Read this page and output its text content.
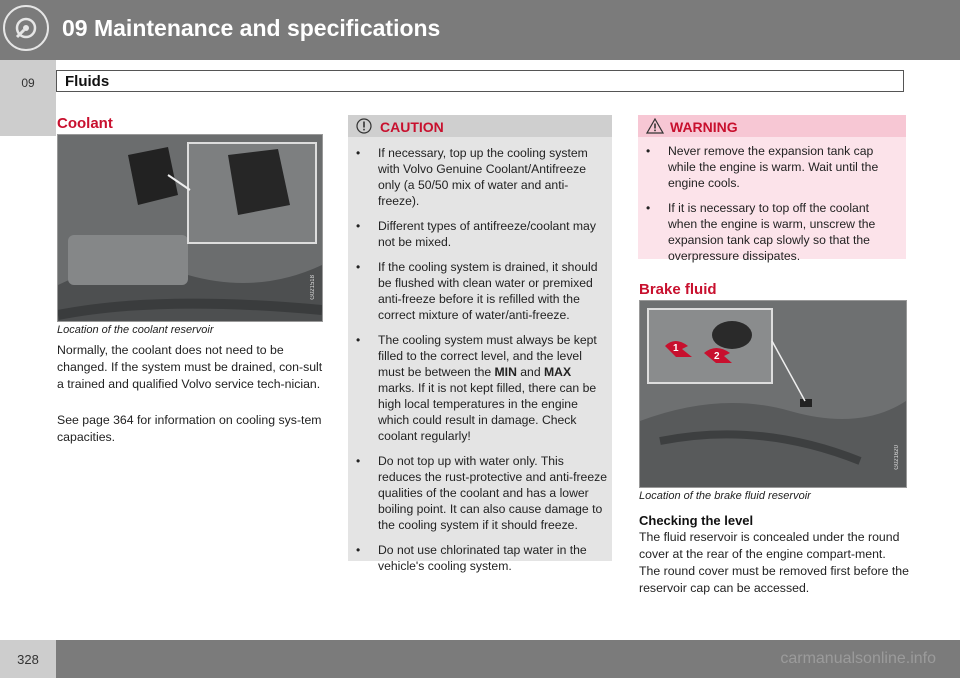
09 Maintenance and specifications
09	Fluids
Coolant
G021518
Location of the coolant reservoir

Normally, the coolant does not need to be changed. If the system must be drained, con-sult a trained and qualified Volvo service tech-nician.

See page 364 for information on cooling sys-tem capacities.

CAUTION
• If necessary, top up the cooling system with Volvo Genuine Coolant/Antifreeze only (a 50/50 mix of water and anti-freeze).
• Different types of antifreeze/coolant may not be mixed.
• If the cooling system is drained, it should be flushed with clean water or premixed anti-freeze before it is refilled with the correct mixture of water/anti-freeze.
• The cooling system must always be kept filled to the correct level, and the level must be between the MIN and MAX marks. If it is not kept filled, there can be high local temperatures in the engine which could result in damage. Check coolant regularly!
• Do not top up with water only. This reduces the rust-protective and anti-freeze qualities of the coolant and has a lower boiling point. It can also cause damage to the cooling system if it should freeze.
• Do not use chlorinated tap water in the vehicle's cooling system.
WARNING
• Never remove the expansion tank cap while the engine is warm. Wait until the engine cools.
• If it is necessary to top off the coolant when the engine is warm, unscrew the expansion tank cap slowly so that the overpressure dissipates.
Brake fluid
1
2
G021620
Location of the brake fluid reservoir
Checking the level

The fluid reservoir is concealed under the round cover at the rear of the engine compart-ment. The round cover must be removed first before the reservoir cap can be accessed.

328	carmanualsonline.info
